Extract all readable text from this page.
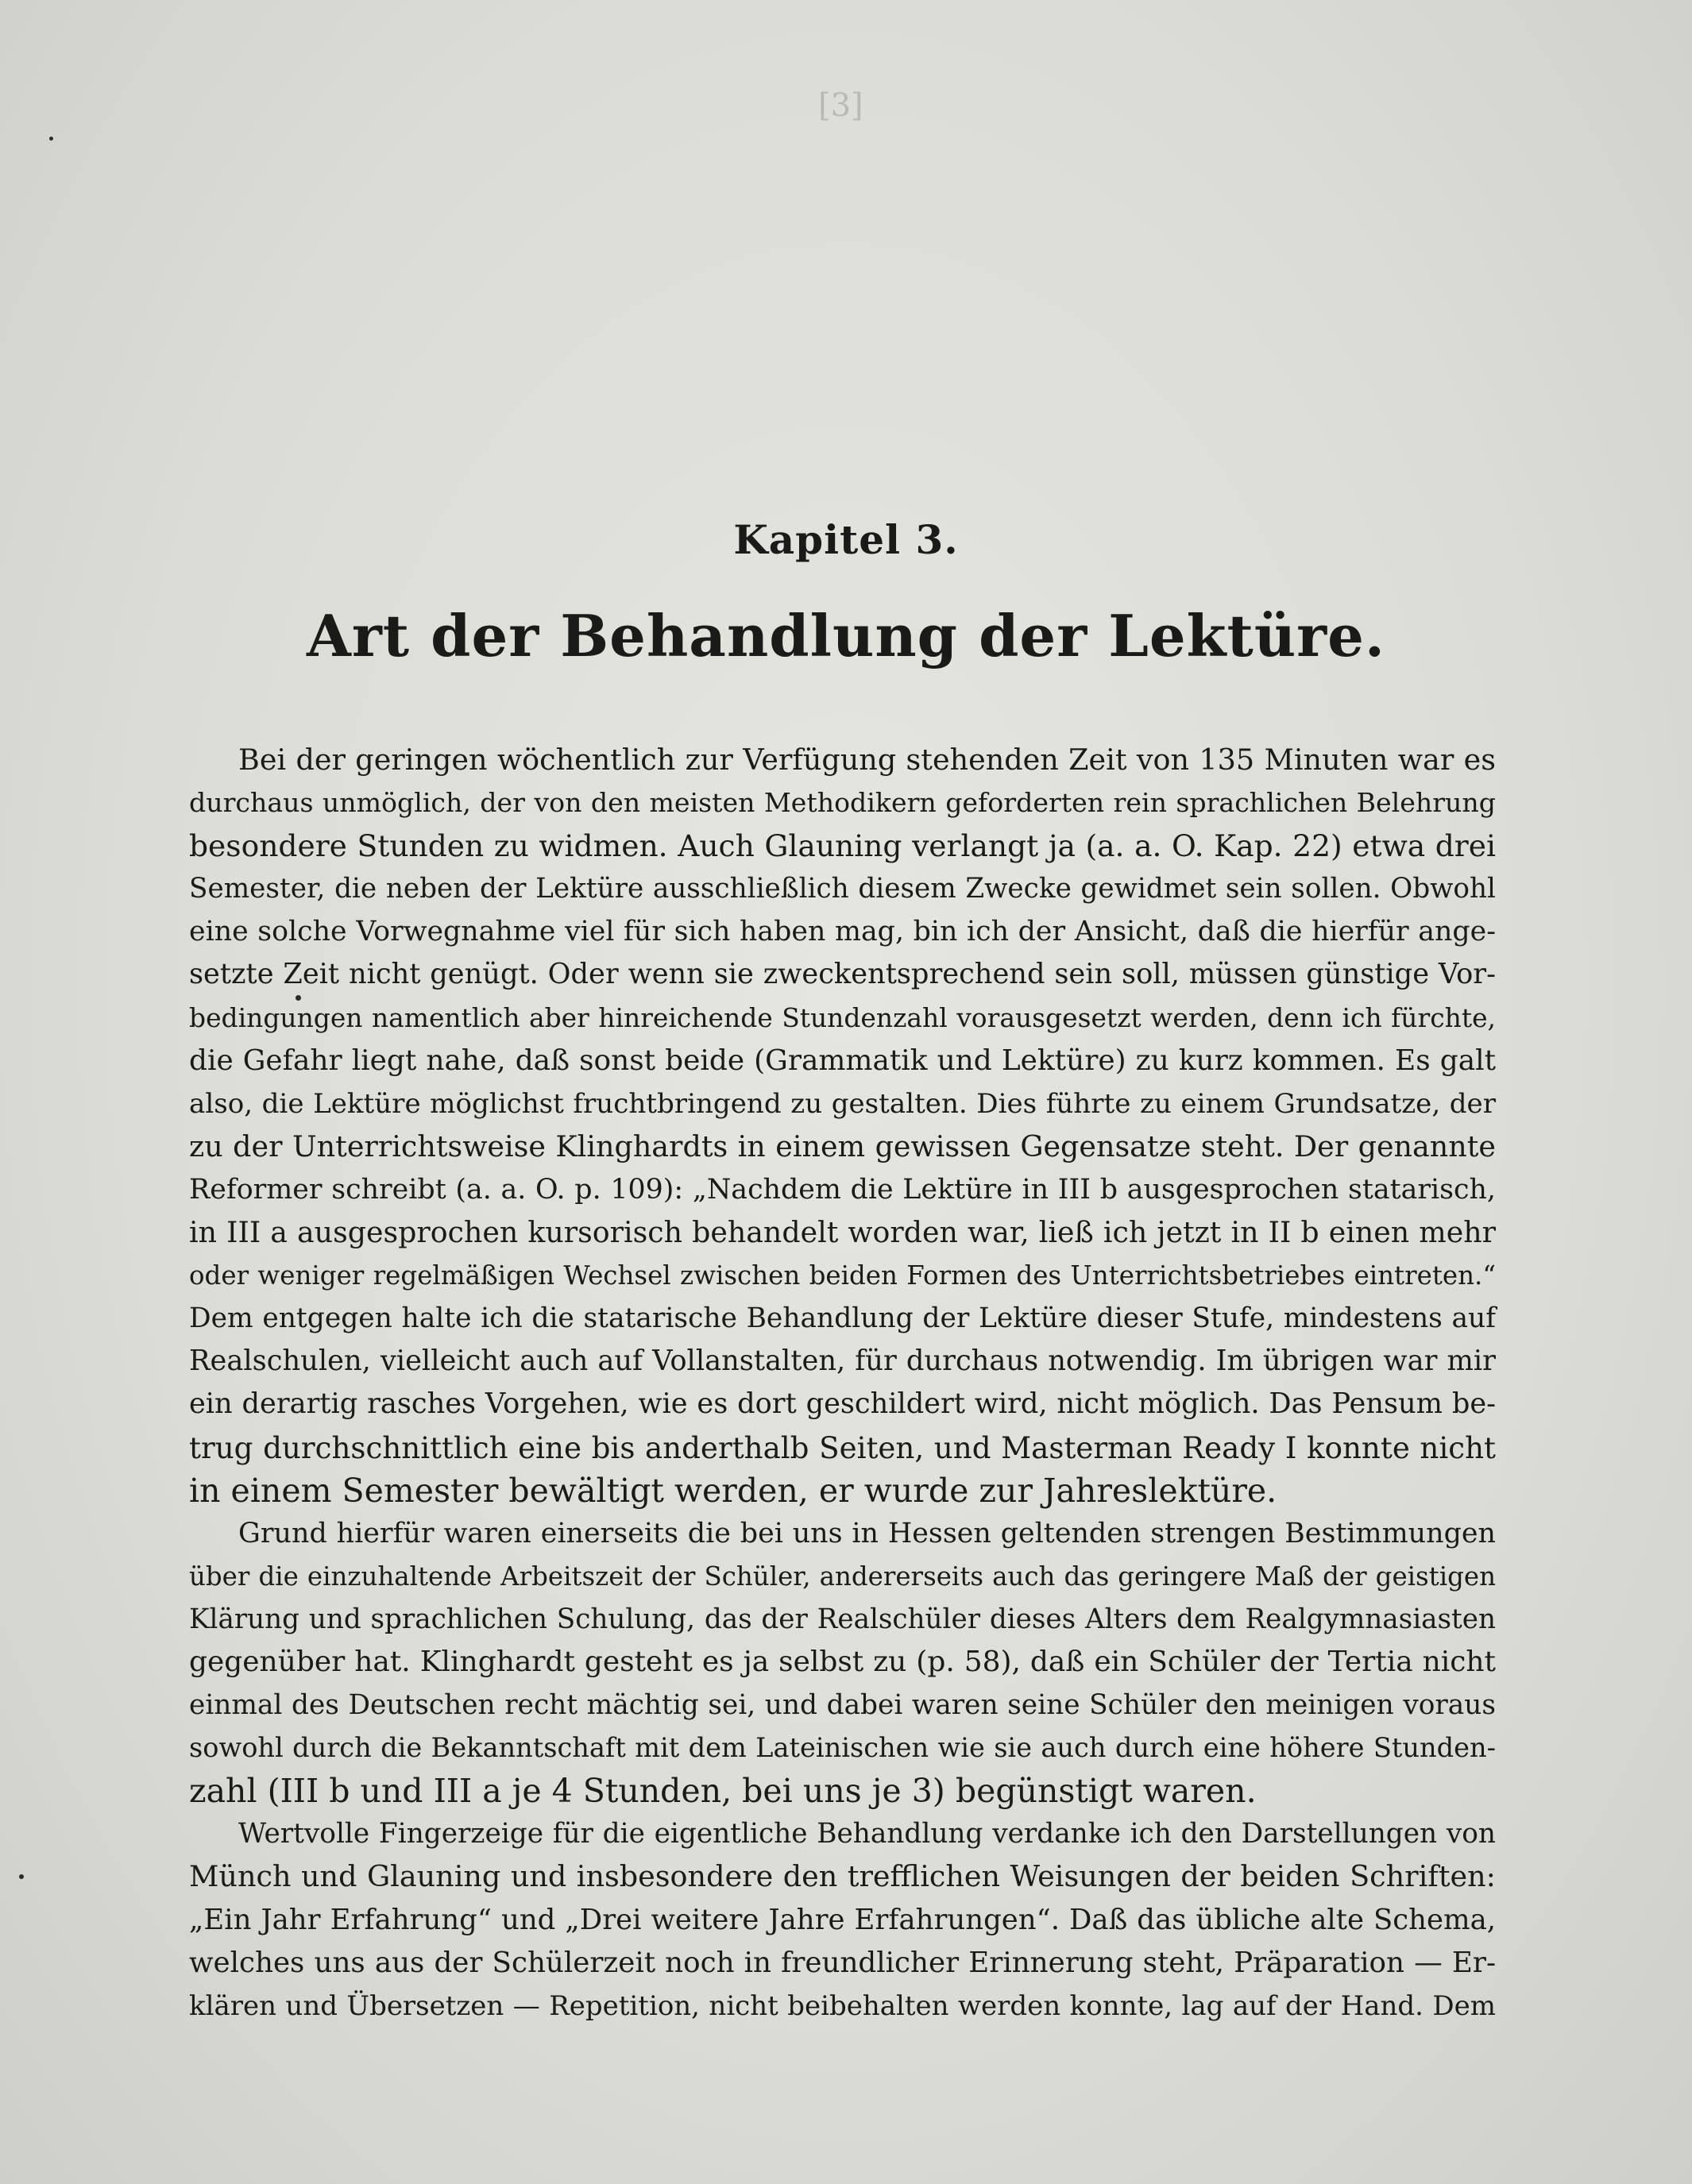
[3]
Kapitel 3.
Art der Behandlung der Lektüre.
Bei der geringen wöchentlich zur Verfügung stehenden Zeit von 135 Minuten war es
durchaus unmöglich, der von den meisten Methodikern geforderten rein sprachlichen Belehrung
besondere Stunden zu widmen. Auch Glauning verlangt ja (a. a. O. Kap. 22) etwa drei
Semester, die neben der Lektüre ausschließlich diesem Zwecke gewidmet sein sollen. Obwohl
eine solche Vorwegnahme viel für sich haben mag, bin ich der Ansicht, daß die hierfür ange-
setzte Zeit nicht genügt. Oder wenn sie zweckentsprechend sein soll, müssen günstige Vor-
bedingungen namentlich aber hinreichende Stundenzahl vorausgesetzt werden, denn ich fürchte,
die Gefahr liegt nahe, daß sonst beide (Grammatik und Lektüre) zu kurz kommen. Es galt
also, die Lektüre möglichst fruchtbringend zu gestalten. Dies führte zu einem Grundsatze, der
zu der Unterrichtsweise Klinghardts in einem gewissen Gegensatze steht. Der genannte
Reformer schreibt (a. a. O. p. 109): „Nachdem die Lektüre in III b ausgesprochen statarisch,
in III a ausgesprochen kursorisch behandelt worden war, ließ ich jetzt in II b einen mehr
oder weniger regelmäßigen Wechsel zwischen beiden Formen des Unterrichtsbetriebes eintreten.“
Dem entgegen halte ich die statarische Behandlung der Lektüre dieser Stufe, mindestens auf
Realschulen, vielleicht auch auf Vollanstalten, für durchaus notwendig. Im übrigen war mir
ein derartig rasches Vorgehen, wie es dort geschildert wird, nicht möglich. Das Pensum be-
trug durchschnittlich eine bis anderthalb Seiten, und Masterman Ready I konnte nicht
in einem Semester bewältigt werden, er wurde zur Jahreslektüre.
Grund hierfür waren einerseits die bei uns in Hessen geltenden strengen Bestimmungen
über die einzuhaltende Arbeitszeit der Schüler, andererseits auch das geringere Maß der geistigen
Klärung und sprachlichen Schulung, das der Realschüler dieses Alters dem Realgymnasiasten
gegenüber hat. Klinghardt gesteht es ja selbst zu (p. 58), daß ein Schüler der Tertia nicht
einmal des Deutschen recht mächtig sei, und dabei waren seine Schüler den meinigen voraus
sowohl durch die Bekanntschaft mit dem Lateinischen wie sie auch durch eine höhere Stunden-
zahl (III b und III a je 4 Stunden, bei uns je 3) begünstigt waren.
Wertvolle Fingerzeige für die eigentliche Behandlung verdanke ich den Darstellungen von
Münch und Glauning und insbesondere den trefflichen Weisungen der beiden Schriften:
„Ein Jahr Erfahrung“ und „Drei weitere Jahre Erfahrungen“. Daß das übliche alte Schema,
welches uns aus der Schülerzeit noch in freundlicher Erinnerung steht, Präparation — Er-
klären und Übersetzen — Repetition, nicht beibehalten werden konnte, lag auf der Hand. Dem
